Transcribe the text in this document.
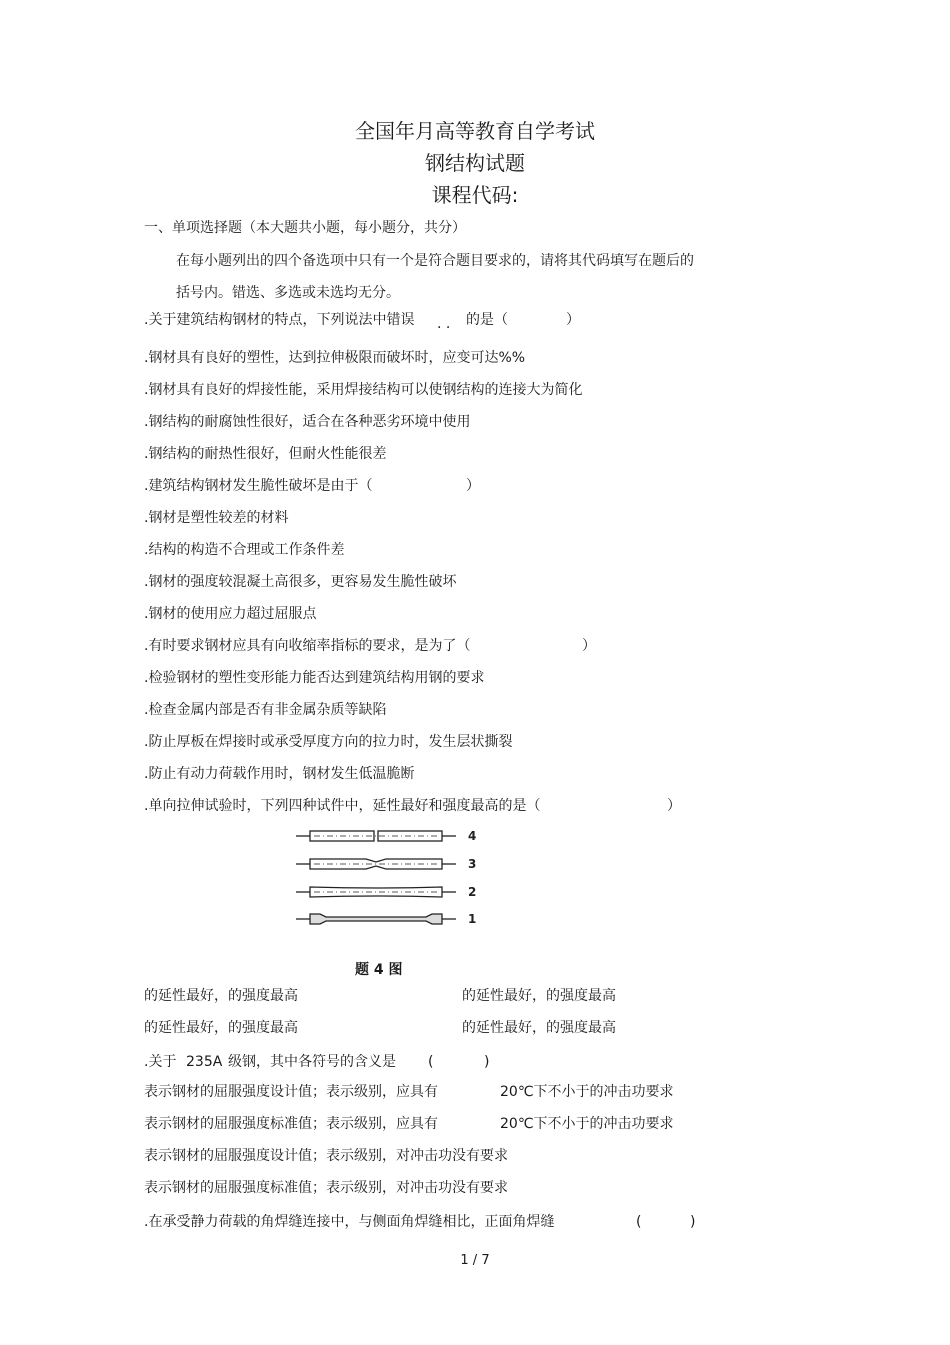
全国年月高等教育自学考试
钢结构试题
课程代码:
一、单项选择题（本大题共小题，每小题分，共分）
在每小题列出的四个备选项中只有一个是符合题目要求的，请将其代码填写在题后的
括号内。错选、多选或未选均无分。
.关于建筑结构钢材的特点，下列说法中错误 · · 的是（	）
.钢材具有良好的塑性，达到拉伸极限而破坏时，应变可达%%
.钢材具有良好的焊接性能，采用焊接结构可以使钢结构的连接大为简化
.钢结构的耐腐蚀性很好，适合在各种恶劣环境中使用
.钢结构的耐热性很好，但耐火性能很差
.建筑结构钢材发生脆性破坏是由于（	）
.钢材是塑性较差的材料
.结构的构造不合理或工作条件差
.钢材的强度较混凝土高很多，更容易发生脆性破坏
.钢材的使用应力超过屈服点
.有时要求钢材应具有向收缩率指标的要求，是为了（	）
.检验钢材的塑性变形能力能否达到建筑结构用钢的要求
.检查金属内部是否有非金属杂质等缺陷
.防止厚板在焊接时或承受厚度方向的拉力时，发生层状撕裂
.防止有动力荷载作用时，钢材发生低温脆断
.单向拉伸试验时，下列四种试件中，延性最好和强度最高的是（	）
4
3
2
1
题 4 图
的延性最好，的强度最高	的延性最好，的强度最高
的延性最好，的强度最高	的延性最好，的强度最高
.关于 235A 级钢，其中各符号的含义是 (	)
表示钢材的屈服强度设计值；表示级别，应具有	20℃下不小于的冲击功要求
表示钢材的屈服强度标准值；表示级别，应具有	20℃下不小于的冲击功要求
表示钢材的屈服强度设计值；表示级别，对冲击功没有要求
表示钢材的屈服强度标准值；表示级别，对冲击功没有要求
.在承受静力荷载的角焊缝连接中，与侧面角焊缝相比，正面角焊缝	(	)
1 / 7
